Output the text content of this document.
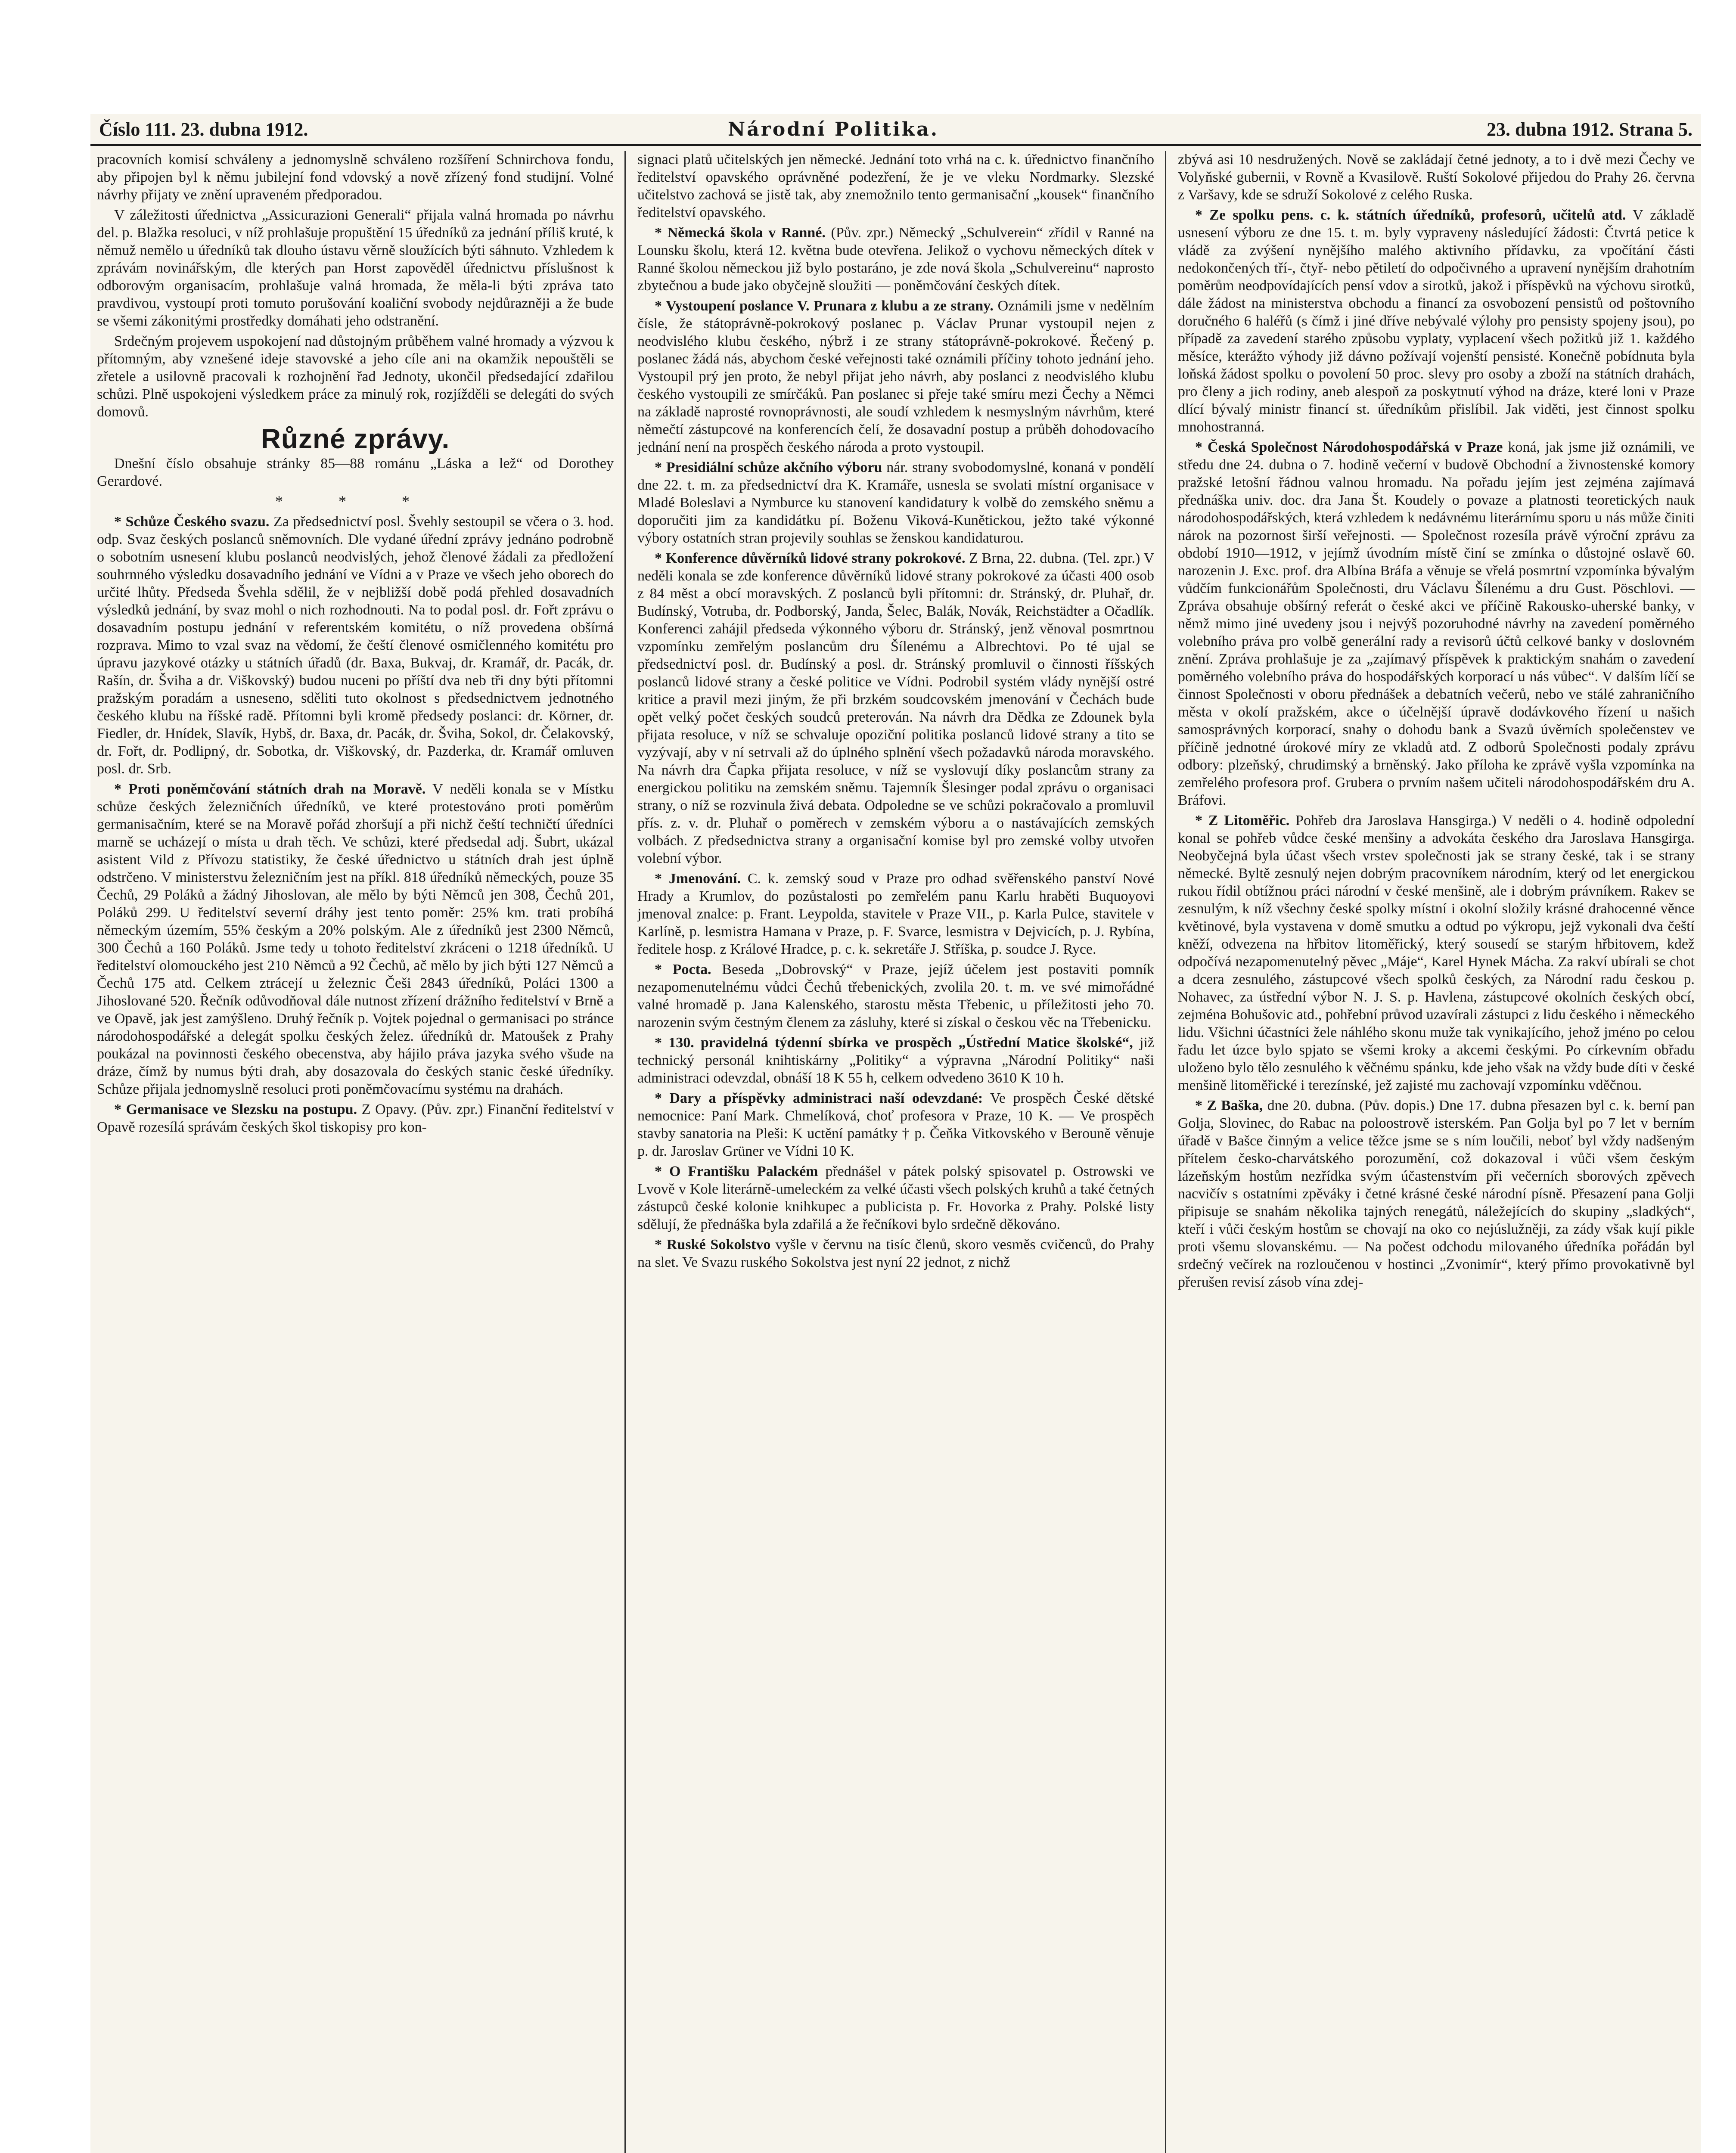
Číslo 111. 23. dubna 1912.	Národní Politika.	23. dubna 1912. Strana 5.

pracovních komisí schváleny a jednomyslně schváleno rozšíření Schnirchova fondu, aby připojen byl k němu jubilejní fond vdovský a nově zřízený fond studijní. Volné návrhy přijaty ve znění upraveném předporadou.

V záležitosti úřednictva „Assicurazioni Generali“ přijala valná hromada po návrhu del. p. Blažka resoluci, v níž prohlašuje propuštění 15 úředníků za jednání příliš kruté, k němuž nemělo u úředníků tak dlouho ústavu věrně sloužících býti sáhnuto. Vzhledem k zprávám novinářským, dle kterých pan Horst zapověděl úřednictvu příslušnost k odborovým organisacím, prohlašuje valná hromada, že měla-li býti zpráva tato pravdivou, vystoupí proti tomuto porušování koaliční svobody nejdůrazněji a že bude se všemi zákonitými prostředky domáhati jeho odstranění.

Srdečným projevem uspokojení nad důstojným průběhem valné hromady a výzvou k přítomným, aby vznešené ideje stavovské a jeho cíle ani na okamžik nepouštěli se zřetele a usilovně pracovali k rozhojnění řad Jednoty, ukončil předsedající zdařilou schůzi. Plně uspokojeni výsledkem práce za minulý rok, rozjížděli se delegáti do svých domovů.

Různé zprávy.

Dnešní číslo obsahuje stránky 85—88 románu „Láska a lež“ od Dorothey Gerardové.

* * *

* Schůze Českého svazu. Za předsednictví posl. Švehly sestoupil se včera o 3. hod. odp. Svaz českých poslanců sněmovních. Dle vydané úřední zprávy jednáno podrobně o sobotním usnesení klubu poslanců neodvislých, jehož členové žádali za předložení souhrnného výsledku dosavadního jednání ve Vídni a v Praze ve všech jeho oborech do určité lhůty. Předseda Švehla sdělil, že v nejbližší době podá přehled dosavadních výsledků jednání, by svaz mohl o nich rozhodnouti. Na to podal posl. dr. Fořt zprávu o dosavadním postupu jednání v referentském komitétu, o níž provedena obšírná rozprava. Mimo to vzal svaz na vědomí, že čeští členové osmičlenného komitétu pro úpravu jazykové otázky u státních úřadů (dr. Baxa, Bukvaj, dr. Kramář, dr. Pacák, dr. Rašín, dr. Šviha a dr. Viškovský) budou nuceni po příští dva neb tři dny býti přítomni pražským poradám a usneseno, sděliti tuto okolnost s předsednictvem jednotného českého klubu na říšské radě. Přítomni byli kromě předsedy poslanci: dr. Körner, dr. Fiedler, dr. Hnídek, Slavík, Hybš, dr. Baxa, dr. Pacák, dr. Šviha, Sokol, dr. Čelakovský, dr. Fořt, dr. Podlipný, dr. Sobotka, dr. Viškovský, dr. Pazderka, dr. Kramář omluven posl. dr. Srb.

* Proti poněmčování státních drah na Moravě. V neděli konala se v Místku schůze českých železničních úředníků, ve které protestováno proti poměrům germanisačním, které se na Moravě pořád zhoršují a při nichž čeští techničtí úředníci marně se ucházejí o místa u drah těch. Ve schůzi, které předsedal adj. Šubrt, ukázal asistent Vild z Přívozu statistiky, že české úřednictvo u státních drah jest úplně odstrčeno. V ministerstvu železničním jest na příkl. 818 úředníků německých, pouze 35 Čechů, 29 Poláků a žádný Jihoslovan, ale mělo by býti Němců jen 308, Čechů 201, Poláků 299. U ředitelství severní dráhy jest tento poměr: 25% km. trati probíhá německým územím, 55% českým a 20% polským. Ale z úředníků jest 2300 Němců, 300 Čechů a 160 Poláků. Jsme tedy u tohoto ředitelství zkráceni o 1218 úředníků. U ředitelství olomouckého jest 210 Němců a 92 Čechů, ač mělo by jich býti 127 Němců a Čechů 175 atd. Celkem ztrácejí u železnic Češi 2843 úředníků, Poláci 1300 a Jihoslované 520. Řečník odůvodňoval dále nutnost zřízení drážního ředitelství v Brně a ve Opavě, jak jest zamýšleno. Druhý řečník p. Vojtek pojednal o germanisaci po stránce národohospodářské a delegát spolku českých želez. úředníků dr. Matoušek z Prahy poukázal na povinnosti českého obecenstva, aby hájilo práva jazyka svého všude na dráze, čímž by numus býti drah, aby dosazovala do českých stanic české úředníky. Schůze přijala jednomyslně resoluci proti poněmčovacímu systému na drahách.

* Germanisace ve Slezsku na postupu. Z Opavy. (Pův. zpr.) Finanční ředitelství v Opavě rozesílá správám českých škol tiskopisy pro kon-

signaci platů učitelských jen německé. Jednání toto vrhá na c. k. úřednictvo finančního ředitelství opavského oprávněné podezření, že je ve vleku Nordmarky. Slezské učitelstvo zachová se jistě tak, aby znemožnilo tento germanisační „kousek“ finančního ředitelství opavského.

* Německá škola v Ranné. (Pův. zpr.) Německý „Schulverein“ zřídil v Ranné na Lounsku školu, která 12. května bude otevřena. Jelikož o vychovu německých dítek v Ranné školou německou již bylo postaráno, je zde nová škola „Schulvereinu“ naprosto zbytečnou a bude jako obyčejně sloužiti — poněmčování českých dítek.

* Vystoupení poslance V. Prunara z klubu a ze strany. Oznámili jsme v nedělním čísle, že státoprávně-pokrokový poslanec p. Václav Prunar vystoupil nejen z neodvislého klubu českého, nýbrž i ze strany státoprávně-pokrokové. Řečený p. poslanec žádá nás, abychom české veřejnosti také oznámili příčiny tohoto jednání jeho. Vystoupil prý jen proto, že nebyl přijat jeho návrh, aby poslanci z neodvislého klubu českého vystoupili ze smírčáků. Pan poslanec si přeje také smíru mezi Čechy a Němci na základě naprosté rovnoprávnosti, ale soudí vzhledem k nesmyslným návrhům, které němečtí zástupcové na konferencích čelí, že dosavadní postup a průběh dohodovacího jednání není na prospěch českého národa a proto vystoupil.

* Presidiální schůze akčního výboru nár. strany svobodomyslné, konaná v pondělí dne 22. t. m. za předsednictví dra K. Kramáře, usnesla se svolati místní organisace v Mladé Boleslavi a Nymburce ku stanovení kandidatury k volbě do zemského sněmu a doporučiti jim za kandidátku pí. Boženu Viková-Kunětickou, ježto také výkonné výbory ostatních stran projevily souhlas se ženskou kandidaturou.

* Konference důvěrníků lidové strany pokrokové. Z Brna, 22. dubna. (Tel. zpr.) V neděli konala se zde konference důvěrníků lidové strany pokrokové za účasti 400 osob z 84 měst a obcí moravských. Z poslanců byli přítomni: dr. Stránský, dr. Pluhař, dr. Budínský, Votruba, dr. Podborský, Janda, Šelec, Balák, Novák, Reichstädter a Očadlík. Konferenci zahájil předseda výkonného výboru dr. Stránský, jenž věnoval posmrtnou vzpomínku zemřelým poslancům dru Šílenému a Albrechtovi. Po té ujal se předsednictví posl. dr. Budínský a posl. dr. Stránský promluvil o činnosti říšských poslanců lidové strany a české politice ve Vídni. Podrobil systém vlády nynější ostré kritice a pravil mezi jiným, že při brzkém soudcovském jmenování v Čechách bude opět velký počet českých soudců preterován. Na návrh dra Dědka ze Zdounek byla přijata resoluce, v níž se schvaluje opoziční politika poslanců lidové strany a tito se vyzývají, aby v ní setrvali až do úplného splnění všech požadavků národa moravského. Na návrh dra Čapka přijata resoluce, v níž se vyslovují díky poslancům strany za energickou politiku na zemském sněmu. Tajemník Šlesinger podal zprávu o organisaci strany, o níž se rozvinula živá debata. Odpoledne se ve schůzi pokračovalo a promluvil přís. z. v. dr. Pluhař o poměrech v zemském výboru a o nastávajících zemských volbách. Z předsednictva strany a organisační komise byl pro zemské volby utvořen volební výbor.

* Jmenování. C. k. zemský soud v Praze pro odhad svěřenského panství Nové Hrady a Krumlov, do pozůstalosti po zemřelém panu Karlu hraběti Buquoyovi jmenoval znalce: p. Frant. Leypolda, stavitele v Praze VII., p. Karla Pulce, stavitele v Karlíně, p. lesmistra Hamana v Praze, p. F. Svarce, lesmistra v Dejvicích, p. J. Rybína, ředitele hosp. z Králové Hradce, p. c. k. sekretáře J. Stříška, p. soudce J. Ryce.

* Pocta. Beseda „Dobrovský“ v Praze, jejíž účelem jest postaviti pomník nezapomenutelnému vůdci Čechů třebenických, zvolila 20. t. m. ve své mimořádné valné hromadě p. Jana Kalenského, starostu města Třebenic, u příležitosti jeho 70. narozenin svým čestným členem za zásluhy, které si získal o českou věc na Třebenicku.

* 130. pravidelná týdenní sbírka ve prospěch „Ústřední Matice školské“, již technický personál knihtiskárny „Politiky“ a výpravna „Národní Politiky“ naši administraci odevzdal, obnáší 18 K 55 h, celkem odvedeno 3610 K 10 h.

* Dary a příspěvky administraci naší odevzdané: Ve prospěch České dětské nemocnice: Paní Mark. Chmelíková, choť profesora v Praze, 10 K. — Ve prospěch stavby sanatoria na Pleši: K uctění památky † p. Čeňka Vitkovského v Berouně věnuje p. dr. Jaroslav Grüner ve Vídni 10 K.

* O Františku Palackém přednášel v pátek polský spisovatel p. Ostrowski ve Lvově v Kole literárně-umeleckém za velké účasti všech polských kruhů a také četných zástupců české kolonie knihkupec a publicista p. Fr. Hovorka z Prahy. Polské listy sdělují, že přednáška byla zdařilá a že řečníkovi bylo srdečně děkováno.

* Ruské Sokolstvo vyšle v červnu na tisíc členů, skoro vesměs cvičenců, do Prahy na slet. Ve Svazu ruského Sokolstva jest nyní 22 jednot, z nichž

zbývá asi 10 nesdružených. Nově se zakládají četné jednoty, a to i dvě mezi Čechy ve Volyňské gubernii, v Rovně a Kvasilově. Ruští Sokolové přijedou do Prahy 26. června z Varšavy, kde se sdruží Sokolové z celého Ruska.

* Ze spolku pens. c. k. státních úředníků, profesorů, učitelů atd. V základě usnesení výboru ze dne 15. t. m. byly vypraveny následující žádosti: Čtvrtá petice k vládě za zvýšení nynějšího malého aktivního přídavku, za vpočítání části nedokončených tří-, čtyř- nebo pětiletí do odpočivného a upravení nynějším drahotním poměrům neodpovídajících pensí vdov a sirotků, jakož i příspěvků na výchovu sirotků, dále žádost na ministerstva obchodu a financí za osvobození pensistů od poštovního doručného 6 haléřů (s čímž i jiné dříve nebývalé výlohy pro pensisty spojeny jsou), po případě za zavedení starého způsobu vyplaty, vyplacení všech požitků již 1. každého měsíce, kterážto výhody již dávno požívají vojenští pensisté. Konečně pobídnuta byla loňská žádost spolku o povolení 50 proc. slevy pro osoby a zboží na státních drahách, pro členy a jich rodiny, aneb alespoň za poskytnutí výhod na dráze, které loni v Praze dlící bývalý ministr financí st. úředníkům přislíbil. Jak viděti, jest činnost spolku mnohostranná.

* Česká Společnost Národohospodářská v Praze koná, jak jsme již oznámili, ve středu dne 24. dubna o 7. hodině večerní v budově Obchodní a živnostenské komory pražské letošní řádnou valnou hromadu. Na pořadu jejím jest zejména zajímavá přednáška univ. doc. dra Jana Št. Koudely o povaze a platnosti teoretických nauk národohospodářských, která vzhledem k nedávnému literárnímu sporu u nás může činiti nárok na pozornost širší veřejnosti. — Společnost rozesíla právě výroční zprávu za období 1910—1912, v jejímž úvodním místě činí se zmínka o důstojné oslavě 60. narozenin J. Exc. prof. dra Albína Bráfa a věnuje se vřelá posmrtní vzpomínka bývalým vůdčím funkcionářům Společnosti, dru Václavu Šílenému a dru Gust. Pöschlovi. — Zpráva obsahuje obšírný referát o české akci ve příčině Rakousko-uherské banky, v němž mimo jiné uvedeny jsou i nejvýš pozoruhodné návrhy na zavedení poměrného volebního práva pro volbě generální rady a revisorů účtů celkové banky v doslovném znění. Zpráva prohlašuje je za „zajímavý příspěvek k praktickým snahám o zavedení poměrného volebního práva do hospodářských korporací u nás vůbec“. V dalším líčí se činnost Společnosti v oboru přednášek a debatních večerů, nebo ve stálé zahraničního města v okolí pražském, akce o účelnější úpravě dodávkového řízení u našich samosprávných korporací, snahy o dohodu bank a Svazů úvěrních společenstev ve příčině jednotné úrokové míry ze vkladů atd. Z odborů Společnosti podaly zprávu odbory: plzeňský, chrudimský a brněnský. Jako příloha ke zprávě vyšla vzpomínka na zemřelého profesora prof. Gruberа o prvním našem učiteli národohospodářském dru A. Bráfovi.

* Z Litoměřic. Pohřeb dra Jaroslava Hansgirga.) V neděli o 4. hodině odpolední konal se pohřeb vůdce české menšiny a advokáta českého dra Jaroslava Hansgirga. Neobyčejná byla účast všech vrstev společnosti jak se strany české, tak i se strany německé. Byltě zesnulý nejen dobrým pracovníkem národním, který od let energickou rukou řídil obtížnou práci národní v české menšině, ale i dobrým právníkem. Rakev se zesnulým, k níž všechny české spolky místní i okolní složily krásné drahocenné věnce květinové, byla vystavena v domě smutku a odtud po výkropu, jejž vykonali dva čeští kněží, odvezena na hřbitov litoměřický, který sousedí se starým hřbitovem, kdež odpočívá nezapomenutelný pěvec „Máje“, Karel Hynek Mácha. Za rakví ubírali se chot a dcera zesnulého, zástupcové všech spolků českých, za Národní radu českou p. Nohavec, za ústřední výbor N. J. S. p. Havlena, zástupcové okolních českých obcí, zejména Bohušovic atd., pohřební průvod uzavírali zástupci z lidu českého i německého lidu. Všichni účastníci žele náhlého skonu muže tak vynikajícího, jehož jméno po celou řadu let úzce bylo spjato se všemi kroky a akcemi českými. Po církevním obřadu uloženo bylo tělo zesnulého k věčnému spánku, kde jeho však na vždy bude díti v české menšině litoměřické i terezínské, jež zajisté mu zachovají vzpomínku vděčnou.

* Z Baška, dne 20. dubna. (Pův. dopis.) Dne 17. dubna přesazen byl c. k. berní pan Golja, Slovinec, do Rabac na poloostrově isterském. Pan Golja byl po 7 let v berním úřadě v Bašce činným a velice těžce jsme se s ním loučili, neboť byl vždy nadšeným přítelem česko-charvátského porozumění, což dokazoval i vůči všem českým lázeňským hostům nezřídka svým účastenstvím při večerních sborových zpěvech nacvičív s ostatními zpěváky i četné krásné české národní písně. Přesazení pana Golji připisuje se snahám několika tajných renegátů, náležejících do skupiny „sladkých“, kteří i vůči českým hostům se chovají na oko co nejúslužněji, za zády však kují pikle proti všemu slovanskému. — Na počest odchodu milovaného úředníka pořádán byl srdečný večírek na rozloučenou v hostinci „Zvonimír“, který přímo provokativně byl přerušen revisí zásob vína zdej-
